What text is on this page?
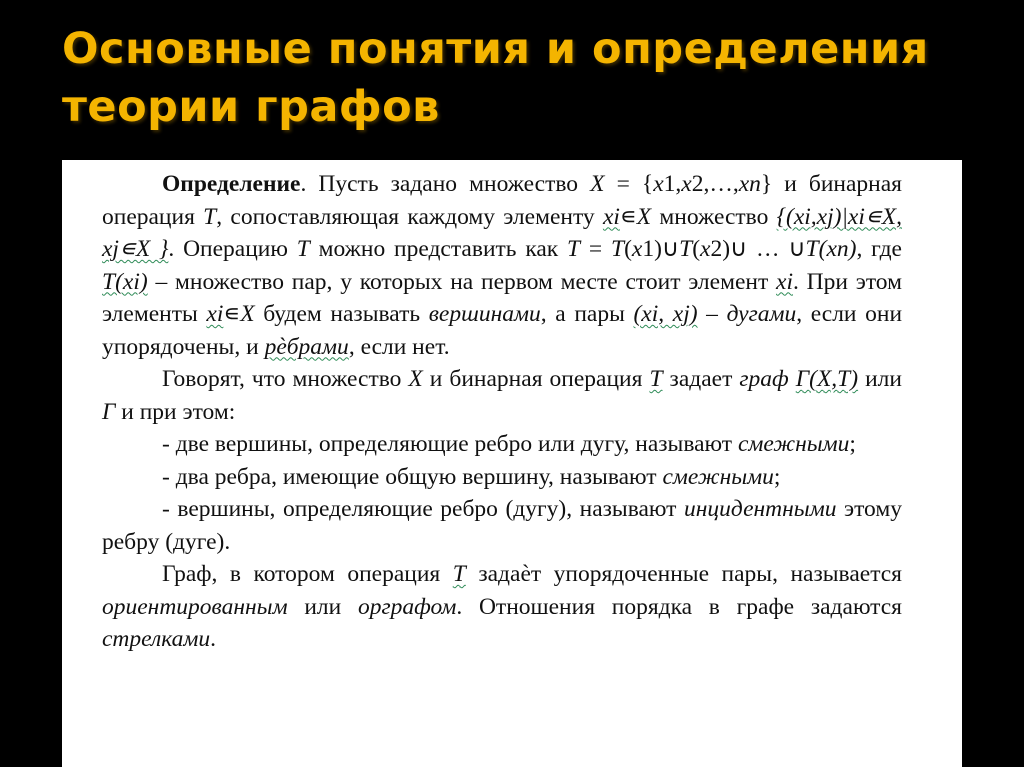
Основные понятия и определения
теории графов

Определение. Пусть задано множество X = {x1,x2,…,xn} и бинарная операция T, сопоставляющая каждому элементу xi∊X множество {(xi,xj)|xi∊X, xj∊X }. Операцию T можно представить как T = T(x1)∪T(x2)∪ … ∪T(xn), где T(xi) – множество пар, у которых на первом месте стоит элемент xi. При этом элементы xi∊X будем называть вершинами, а пары (xi, xj) – дугами, если они упорядочены, и рѐбрами, если нет.

Говорят, что множество X и бинарная операция T задает граф Г(X,T) или Г и при этом:

- две вершины, определяющие ребро или дугу, называют смежными;

- два ребра, имеющие общую вершину, называют смежными;

- вершины, определяющие ребро (дугу), называют инцидентными этому ребру (дуге).

Граф, в котором операция T задаѐт упорядоченные пары, называется ориентированным или орграфом. Отношения порядка в графе задаются стрелками.
